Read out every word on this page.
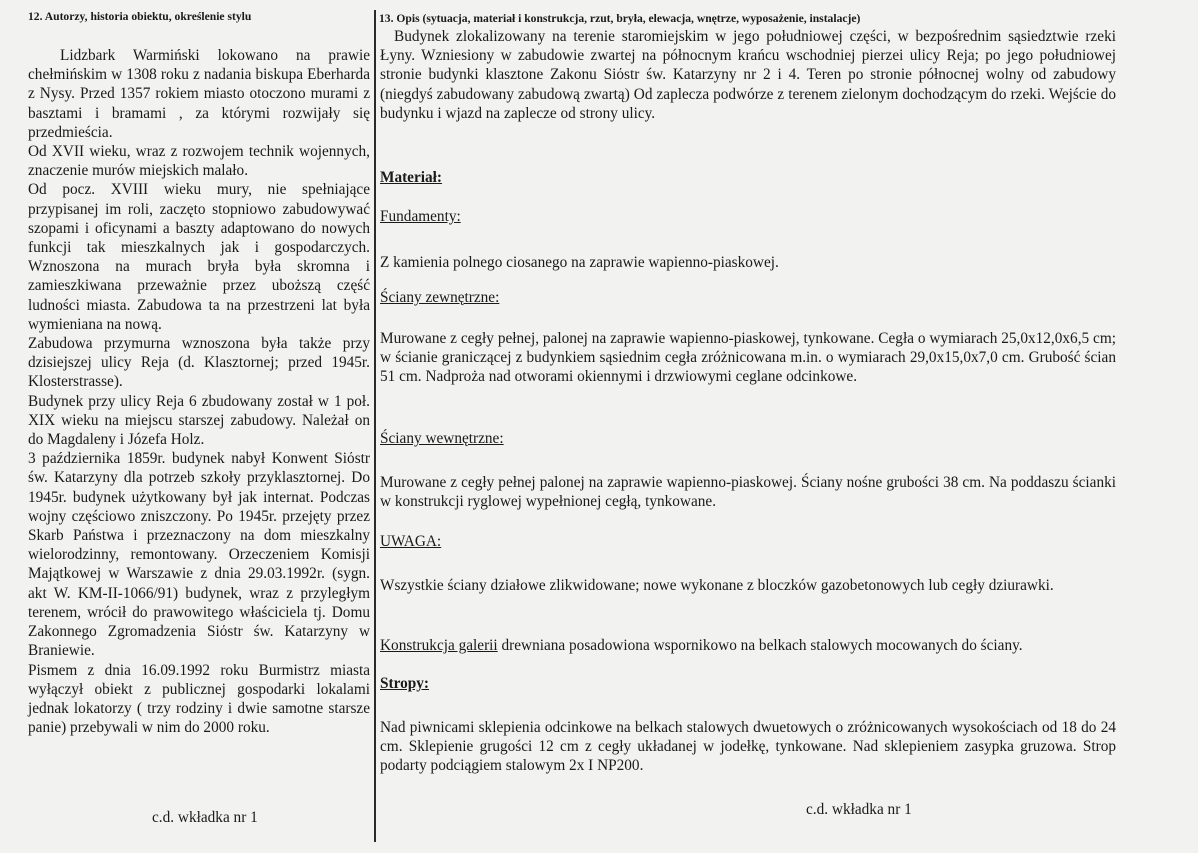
12. Autorzy, historia obiektu, określenie stylu

Lidzbark Warmiński lokowano na prawie chełmińskim w 1308 roku z nadania biskupa Eberharda z Nysy. Przed 1357 rokiem miasto otoczono murami z basztami i bramami , za którymi rozwijały się przedmieścia.

Od XVII wieku, wraz z rozwojem technik wojennych, znaczenie murów miejskich malało.

Od pocz. XVIII wieku mury, nie spełniające przypisanej im roli, zaczęto stopniowo zabudowywać szopami i oficynami a baszty adaptowano do nowych funkcji tak mieszkalnych jak i gospodarczych. Wznoszona na murach bryła była skromna i zamieszkiwana przeważnie przez uboższą część ludności miasta. Zabudowa ta na przestrzeni lat była wymieniana na nową.

Zabudowa przymurna wznoszona była także przy dzisiejszej ulicy Reja (d. Klasztornej; przed 1945r. Klosterstrasse).

Budynek przy ulicy Reja 6 zbudowany został w 1 poł. XIX wieku na miejscu starszej zabudowy. Należał on do Magdaleny i Józefa Holz.

3 października 1859r. budynek nabył Konwent Siόstr św. Katarzyny dla potrzeb szkoły przyklasztornej. Do 1945r. budynek użytkowany był jak internat. Podczas wojny częściowo zniszczony. Po 1945r. przejęty przez Skarb Państwa i przeznaczony na dom mieszkalny wielorodzinny, remontowany. Orzeczeniem Komisji Majątkowej w Warszawie z dnia 29.03.1992r. (sygn. akt W. KM-II-1066/91) budynek, wraz z przyległym terenem, wrócił do prawowitego właściciela tj. Domu Zakonnego Zgromadzenia Siόstr św. Katarzyny w Braniewie.

Pismem z dnia 16.09.1992 roku Burmistrz miasta wyłączył obiekt z publicznej gospodarki lokalami jednak lokatorzy ( trzy rodziny i dwie samotne starsze panie) przebywali w nim do 2000 roku.

c.d. wkładka nr 1

13. Opis (sytuacja, materiał i konstrukcja, rzut, bryła, elewacja, wnętrze, wyposażenie, instalacje)

Budynek zlokalizowany na terenie staromiejskim w jego południowej części, w bezpośrednim sąsiedztwie rzeki Łyny. Wzniesiony w zabudowie zwartej na północnym krańcu wschodniej pierzei ulicy Reja; po jego południowej stronie budynki klasztone Zakonu Siόstr św. Katarzyny nr 2 i 4. Teren po stronie północnej wolny od zabudowy (niegdyś zabudowany zabudową zwartą) Od zaplecza podwórze z terenem zielonym dochodzącym do rzeki. Wejście do budynku i wjazd na zaplecze od strony ulicy.

Materiał:
Fundamenty:

Z kamienia polnego ciosanego na zaprawie wapienno-piaskowej.

Ściany zewnętrzne:

Murowane z cegły pełnej, palonej na zaprawie wapienno-piaskowej, tynkowane. Cegła o wymiarach 25,0x12,0x6,5 cm; w ścianie graniczącej z budynkiem sąsiednim cegła zróżnicowana m.in. o wymiarach 29,0x15,0x7,0 cm. Grubość ścian 51 cm. Nadproża nad otworami okiennymi i drzwiowymi ceglane odcinkowe.

Ściany wewnętrzne:

Murowane z cegły pełnej palonej na zaprawie wapienno-piaskowej. Ściany nośne grubości 38 cm. Na poddaszu ścianki w konstrukcji ryglowej wypełnionej cegłą, tynkowane.

UWAGA:

Wszystkie ściany działowe zlikwidowane; nowe wykonane z bloczków gazobetonowych lub cegły dziurawki.

Konstrukcja galerii drewniana posadowiona wspornikowo na belkach stalowych mocowanych do ściany.

Stropy:

Nad piwnicami sklepienia odcinkowe na belkach stalowych dwuetowych o zróżnicowanych wysokościach od 18 do 24 cm. Sklepienie grugości 12 cm z cegły układanej w jodełkę, tynkowane. Nad sklepieniem zasypka gruzowa. Strop podarty podciągiem stalowym 2x I NP200.

c.d. wkładka nr 1
